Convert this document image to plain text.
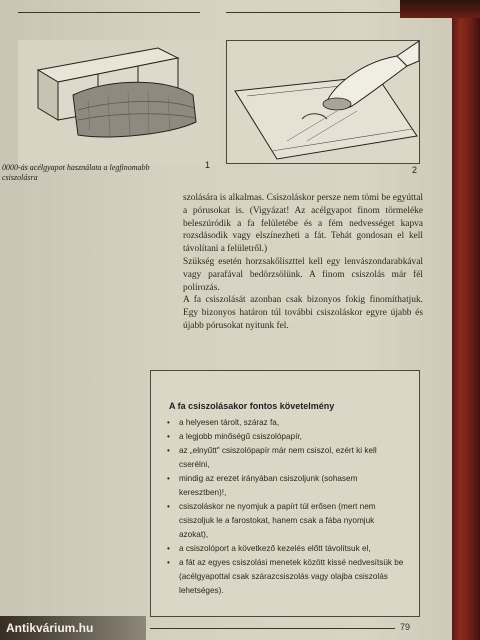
1
0000-ás acélgyapot használata a legfinomabb csiszolásra
2

szolására is alkalmas. Csiszoláskor persze nem tömi be egyúttal a pórusokat is. (Vigyázat! Az acélgyapot finom törmeléke beleszúródik a fa felületébe és a fém nedvességet kapva rozsdásodik vagy elszínezheti a fát. Tehát gondosan el kell távolítani a felületről.)

Szükség esetén horzsakőliszttel kell egy lenvászondarabkával vagy parafával bedörzsölünk. A finom csiszolás már fél polírozás.

A fa csiszolását azonban csak bizonyos fokig finomíthatjuk. Egy bizonyos határon túl további csiszoláskor egyre újabb és újabb pórusokat nyitunk fel.

A fa csiszolásakor fontos követelmény
• a helyesen tárolt, száraz fa,
• a legjobb minőségű csiszolópapír,
• az „elnyűtt" csiszolópapír már nem csiszol, ezért ki kell cserélni,
• mindig az erezet irányában csiszoljunk (sohasem keresztben)!,
• csiszoláskor ne nyomjuk a papírt túl erősen (mert nem csiszoljuk le a farostokat, hanem csak a fába nyomjuk azokat),
• a csiszolóport a következő kezelés előtt távolítsuk el,
• a fát az egyes csiszolási menetek között kissé nedvesítsük be (acélgyapottal csak szárazcsiszolás vagy olajba csiszolás lehetséges).
79
Antikvárium.hu
